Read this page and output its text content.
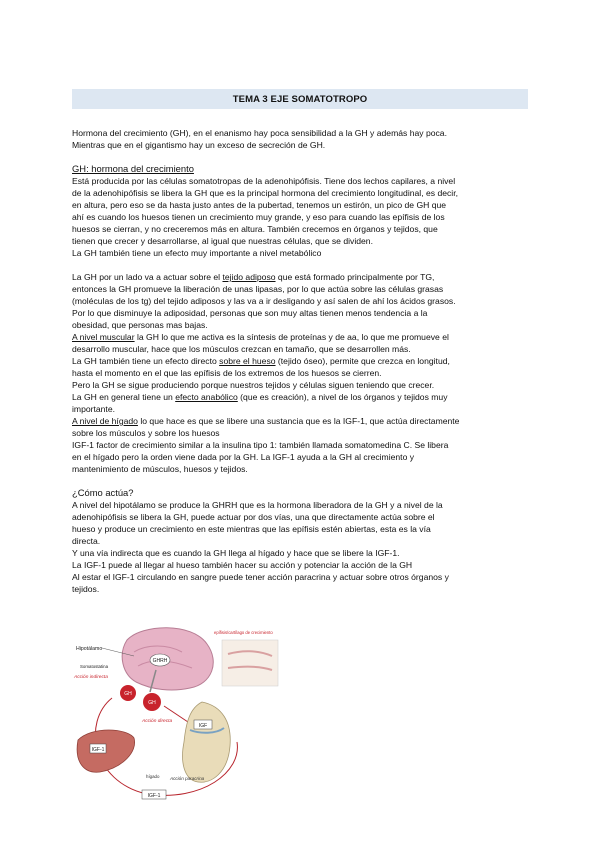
TEMA 3 EJE SOMATOTROPO

Hormona del crecimiento (GH), en el enanismo hay poca sensibilidad a la GH y además hay poca.

Mientras que en el gigantismo hay un exceso de secreción de GH.

GH: hormona del crecimiento

Está producida por las células somatotropas de la adenohipófisis. Tiene dos lechos capilares, a nivel

de la adenohipófisis se libera la GH que es la principal hormona del crecimiento longitudinal, es decir,

en altura, pero eso se da hasta justo antes de la pubertad, tenemos un estirón, un pico de GH que

ahí es cuando los huesos tienen un crecimiento muy grande, y eso para cuando las epífisis de los

huesos se cierran, y no creceremos más en altura. También crecemos en órganos y tejidos, que

tienen que crecer y desarrollarse, al igual que nuestras células, que se dividen.

La GH también tiene un efecto muy importante a nivel metabólico

La GH por un lado va a actuar sobre el tejido adiposo que está formado principalmente por TG,

entonces la GH promueve la liberación de unas lipasas, por lo que actúa sobre las células grasas

(moléculas de los tg) del tejido adiposos y las va a ir desligando y así salen de ahí los ácidos grasos.

Por lo que disminuye la adiposidad, personas que son muy altas tienen menos tendencia a la

obesidad, que personas mas bajas.

A nivel muscular la GH lo que me activa es la síntesis de proteínas y de aa, lo que me promueve el

desarrollo muscular, hace que los músculos crezcan en tamaño, que se desarrollen más.

La GH también tiene un efecto directo sobre el hueso (tejido óseo), permite que crezca en longitud,

hasta el momento en el que las epífisis de los extremos de los huesos se cierren.

Pero la GH se sigue produciendo porque nuestros tejidos y células siguen teniendo que crecer.

La GH en general tiene un efecto anabólico (que es creación), a nivel de los órganos y tejidos muy

importante.

A nivel de hígado lo que hace es que se libere una sustancia que es la IGF-1, que actúa directamente

sobre los músculos y sobre los huesos

IGF-1 factor de crecimiento similar a la insulina tipo 1: también llamada somatomedina C. Se libera

en el hígado pero la orden viene dada por la GH. La IGF-1 ayuda a la GH al crecimiento y

mantenimiento de músculos, huesos y tejidos.

¿Cómo actúa?

A nivel del hipotálamo se produce la GHRH que es la hormona liberadora de la GH y a nivel de la

adenohipófisis se libera la GH, puede actuar por dos vías, una que directamente actúa sobre el

hueso y produce un crecimiento en este mientras que las epífisis estén abiertas, esta es la vía

directa.

Y una vía indirecta que es cuando la GH llega al hígado y hace que se libere la IGF-1.

La IGF-1 puede al llegar al hueso también hacer su acción y potenciar la acción de la GH

Al estar el IGF-1 circulando en sangre puede tener acción paracrina y actuar sobre otros órganos y

tejidos.

GHRH
Hipotálamo
Somatostatina
Acción indirecta
GH
GH
Acción directa
IGF-1
IGF
epífisis/cartílago de crecimiento
Acción paracrina
hígado
IGF-1
